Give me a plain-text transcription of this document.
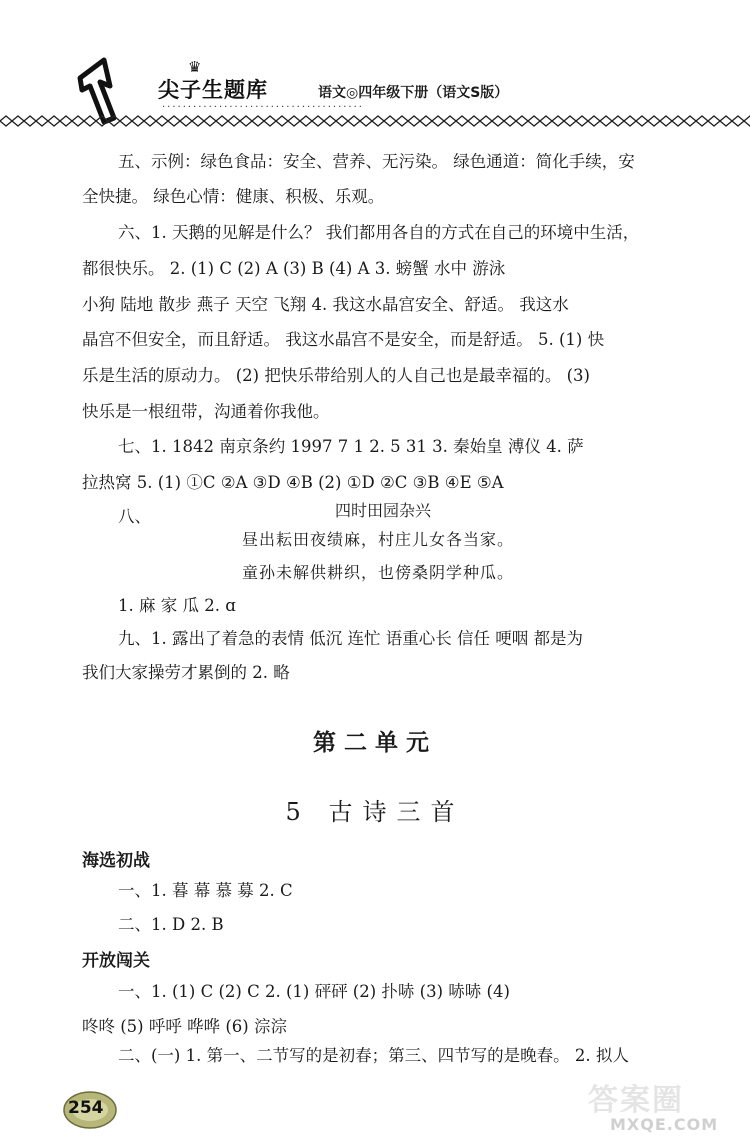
♛
尖子生题库
·······································
语文◎四年级下册（语文S版）
五、示例：绿色食品：安全、营养、无污染。 绿色通道：简化手续，安
全快捷。 绿色心情：健康、积极、乐观。
六、1. 天鹅的见解是什么？ 我们都用各自的方式在自己的环境中生活，
都很快乐。 2. (1) C (2) A (3) B (4) A 3. 螃蟹 水中 游泳
小狗 陆地 散步 燕子 天空 飞翔 4. 我这水晶宫安全、舒适。 我这水
晶宫不但安全，而且舒适。 我这水晶宫不是安全，而是舒适。 5. (1) 快
乐是生活的原动力。 (2) 把快乐带给别人的人自己也是最幸福的。 (3)
快乐是一根纽带，沟通着你我他。
七、1. 1842 南京条约 1997 7 1 2. 5 31 3. 秦始皇 溥仪 4. 萨
拉热窝 5. (1) ①C ②A ③D ④B (2) ①D ②C ③B ④E ⑤A
八、	四时田园杂兴
昼出耘田夜绩麻，村庄儿女各当家。
童孙未解供耕织，也傍桑阴学种瓜。
1. 麻 家 瓜 2. ɑ
九、1. 露出了着急的表情 低沉 连忙 语重心长 信任 哽咽 都是为
我们大家操劳才累倒的 2. 略
第二单元
5 古诗三首
海选初战
一、1. 暮 幕 慕 募 2. C
二、1. D 2. B
开放闯关
一、1. (1) C (2) C 2. (1) 砰砰 (2) 扑哧 (3) 哧哧 (4)
咚咚 (5) 呼呼 哗哗 (6) 淙淙
二、(一) 1. 第一、二节写的是初春；第三、四节写的是晚春。 2. 拟人
254	答案圈
MXQE.COM
